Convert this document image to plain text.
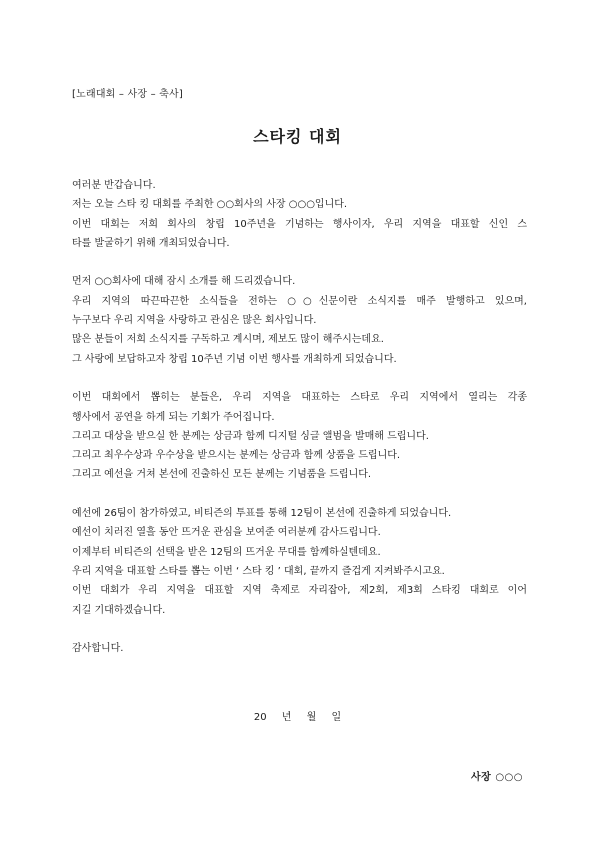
[노래대회 – 사장 – 축사]
스타킹 대회
여러분 반갑습니다.
저는 오늘 스타 킹 대회를 주최한 ○○회사의 사장 ○○○입니다.
이번 대회는 저희 회사의 창립 10주년을 기념하는 행사이자, 우리 지역을 대표할 신인 스
타를 발굴하기 위해 개최되었습니다.
먼저 ○○회사에 대해 잠시 소개를 해 드리겠습니다.
우리 지역의 따끈따끈한 소식들을 전하는 ○○신문이란 소식지를 매주 발행하고 있으며,
누구보다 우리 지역을 사랑하고 관심은 많은 회사입니다.
많은 분들이 저희 소식지를 구독하고 계시며, 제보도 많이 해주시는데요.
그 사랑에 보답하고자 창립 10주년 기념 이번 행사를 개최하게 되었습니다.
이번 대회에서 뽑히는 분들은, 우리 지역을 대표하는 스타로 우리 지역에서 열리는 각종
행사에서 공연을 하게 되는 기회가 주어집니다.
그리고 대상을 받으실 한 분께는 상금과 함께 디지털 싱글 앨범을 발매해 드립니다.
그리고 최우수상과 우수상을 받으시는 분께는 상금과 함께 상품을 드립니다.
그리고 예선을 거쳐 본선에 진출하신 모든 분께는 기념품을 드립니다.
예선에 26팀이 참가하였고, 비티즌의 투표를 통해 12팀이 본선에 진출하게 되었습니다.
예선이 치러진 열흘 동안 뜨거운 관심을 보여준 여러분께 감사드립니다.
이제부터 비티즌의 선택을 받은 12팀의 뜨거운 무대를 함께하실텐데요.
우리 지역을 대표할 스타를 뽑는 이번 ‘ 스타 킹 ’ 대회, 끝까지 즐겁게 지켜봐주시고요.
이번 대회가 우리 지역을 대표할 지역 축제로 자리잡아, 제2회, 제3회 스타킹 대회로 이어
지길 기대하겠습니다.
감사합니다.
20 년 월 일
사장 ○○○
